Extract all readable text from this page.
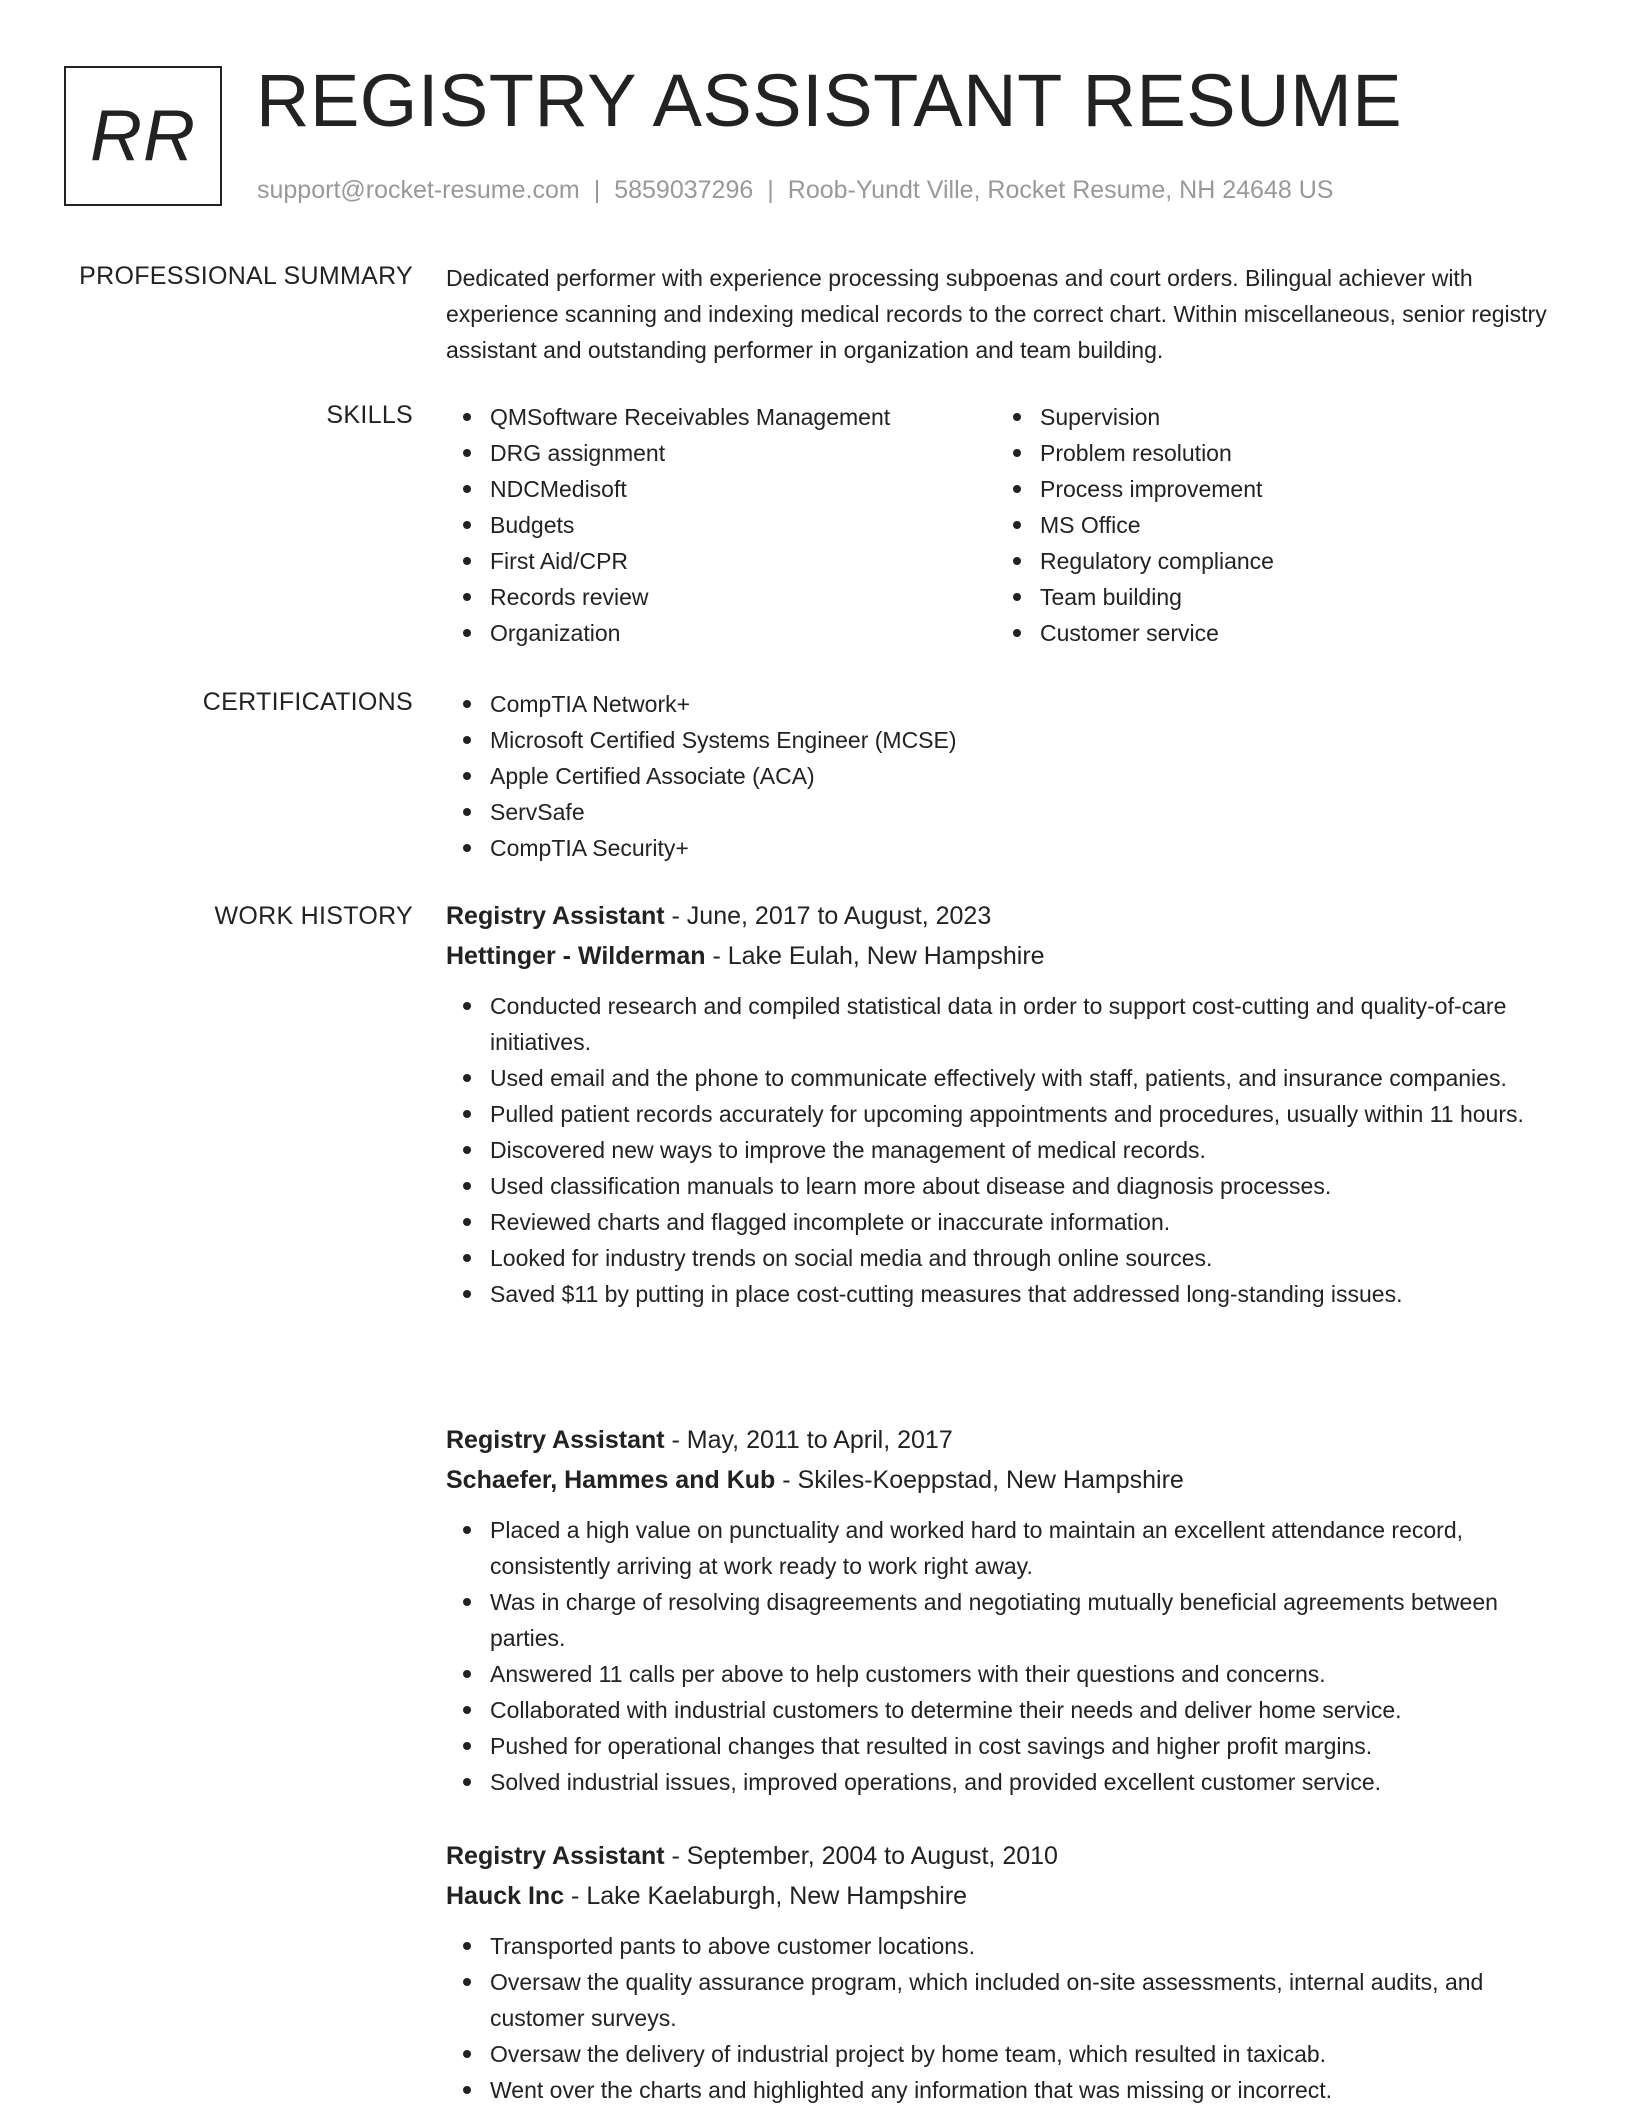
RR REGISTRY ASSISTANT RESUME
support@rocket-resume.com | 5859037296 | Roob-Yundt Ville, Rocket Resume, NH 24648 US
PROFESSIONAL SUMMARY Dedicated performer with experience processing subpoenas and court orders. Bilingual achiever with experience scanning and indexing medical records to the correct chart. Within miscellaneous, senior registry assistant and outstanding performer in organization and team building.

SKILLS	QMSoftware Receivables Management
DRG assignment
NDCMedisoft
Budgets
First Aid/CPR
Records review
Organization
Supervision
Problem resolution
Process improvement
MS Office
Regulatory compliance
Team building
Customer service
CERTIFICATIONS	CompTIA Network+
Microsoft Certified Systems Engineer (MCSE)
Apple Certified Associate (ACA)
ServSafe
CompTIA Security+
WORK HISTORY Registry Assistant - June, 2017 to August, 2023
Hettinger - Wilderman - Lake Eulah, New Hampshire
Conducted research and compiled statistical data in order to support cost-cutting and quality-of-care initiatives.
Used email and the phone to communicate effectively with staff, patients, and insurance companies.
Pulled patient records accurately for upcoming appointments and procedures, usually within 11 hours.
Discovered new ways to improve the management of medical records.
Used classification manuals to learn more about disease and diagnosis processes.
Reviewed charts and flagged incomplete or inaccurate information.
Looked for industry trends on social media and through online sources.
Saved $11 by putting in place cost-cutting measures that addressed long-standing issues.
Registry Assistant - May, 2011 to April, 2017
Schaefer, Hammes and Kub - Skiles-Koeppstad, New Hampshire
Placed a high value on punctuality and worked hard to maintain an excellent attendance record, consistently arriving at work ready to work right away.
Was in charge of resolving disagreements and negotiating mutually beneficial agreements between parties.
Answered 11 calls per above to help customers with their questions and concerns.
Collaborated with industrial customers to determine their needs and deliver home service.
Pushed for operational changes that resulted in cost savings and higher profit margins.
Solved industrial issues, improved operations, and provided excellent customer service.
Registry Assistant - September, 2004 to August, 2010
Hauck Inc - Lake Kaelaburgh, New Hampshire
Transported pants to above customer locations.
Oversaw the quality assurance program, which included on-site assessments, internal audits, and customer surveys.
Oversaw the delivery of industrial project by home team, which resulted in taxicab.
Went over the charts and highlighted any information that was missing or incorrect.
